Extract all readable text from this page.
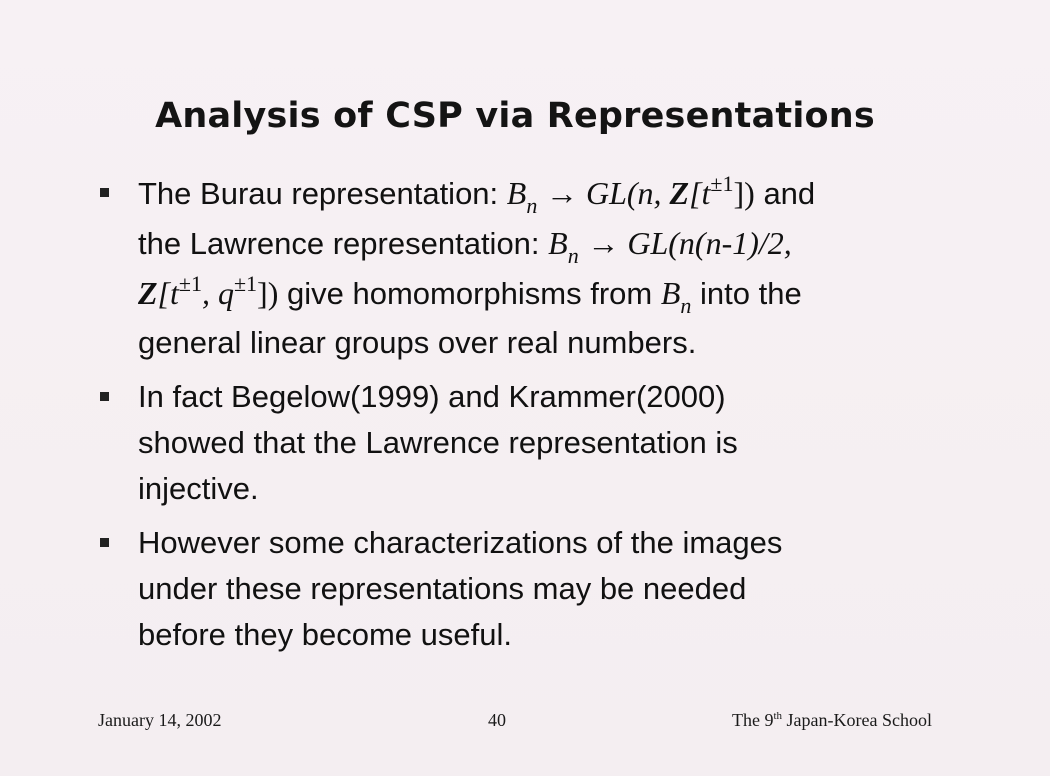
Analysis of CSP via Representations
The Burau representation: $B_n \to GL(n$, $Z[t^{\pm 1}]$) and
the Lawrence representation: $B_n \to GL(n(n-1)/2$,
$Z[t^{\pm 1}$, $q^{\pm 1}$]) give homomorphisms from $B_n$ into the
general linear groups over real numbers.
In fact Begelow(1999) and Krammer(2000)
showed that the Lawrence representation is
injective.
However some characterizations of the images
under these representations may be needed
before they become useful.
January 14, 2002	40	The 9th Japan-Korea School
